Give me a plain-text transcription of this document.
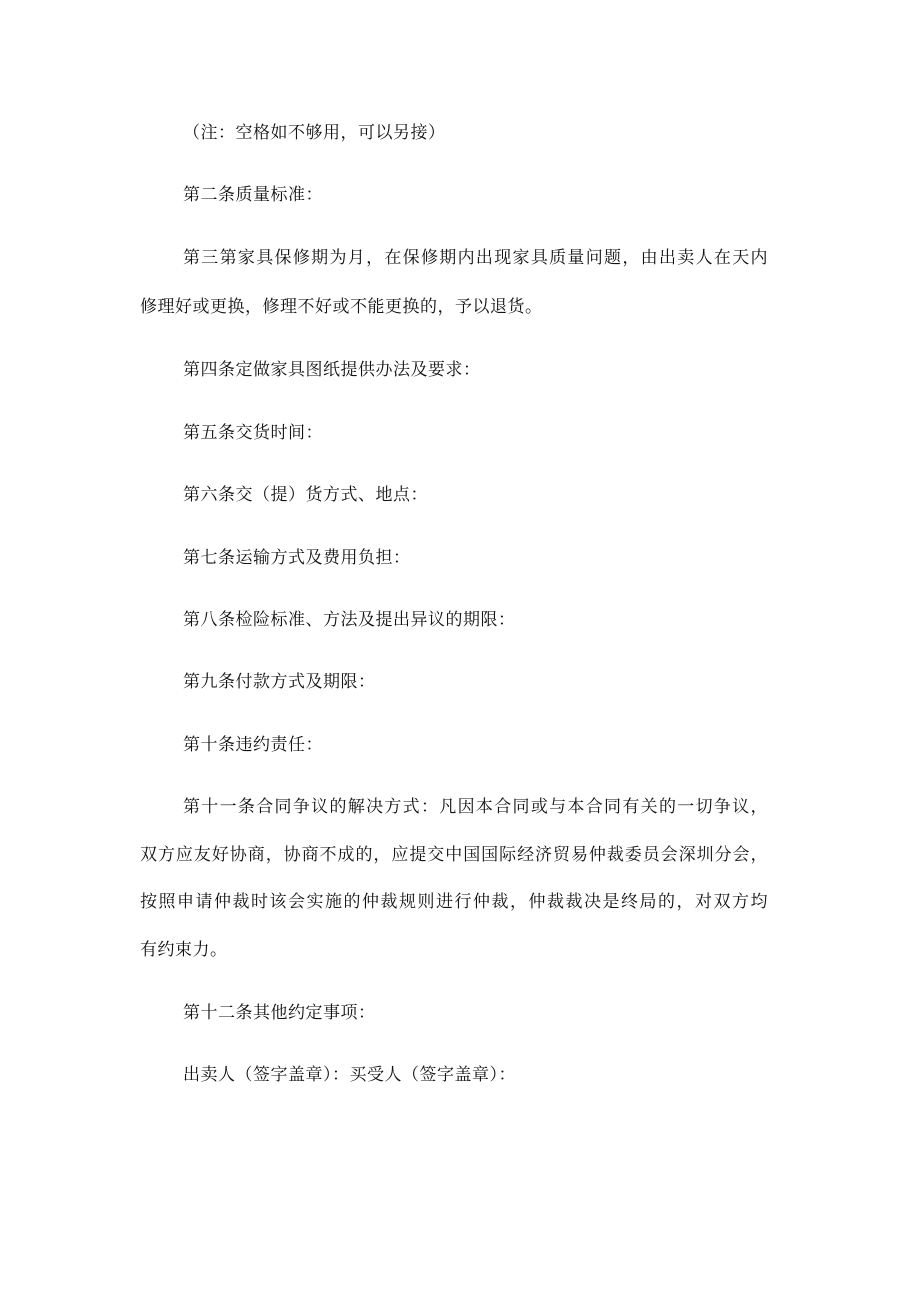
（注：空格如不够用，可以另接）
第二条质量标准：
第三第家具保修期为月，在保修期内出现家具质量问题，由出卖人在天内
修理好或更换，修理不好或不能更换的，予以退货。
第四条定做家具图纸提供办法及要求：
第五条交货时间：
第六条交（提）货方式、地点：
第七条运输方式及费用负担：
第八条检险标准、方法及提出异议的期限：
第九条付款方式及期限：
第十条违约责任：
第十一条合同争议的解决方式：凡因本合同或与本合同有关的一切争议，
双方应友好协商，协商不成的，应提交中国国际经济贸易仲裁委员会深圳分会，
按照申请仲裁时该会实施的仲裁规则进行仲裁，仲裁裁决是终局的，对双方均
有约束力。
第十二条其他约定事项：
出卖人（签字盖章）：买受人（签字盖章）：
